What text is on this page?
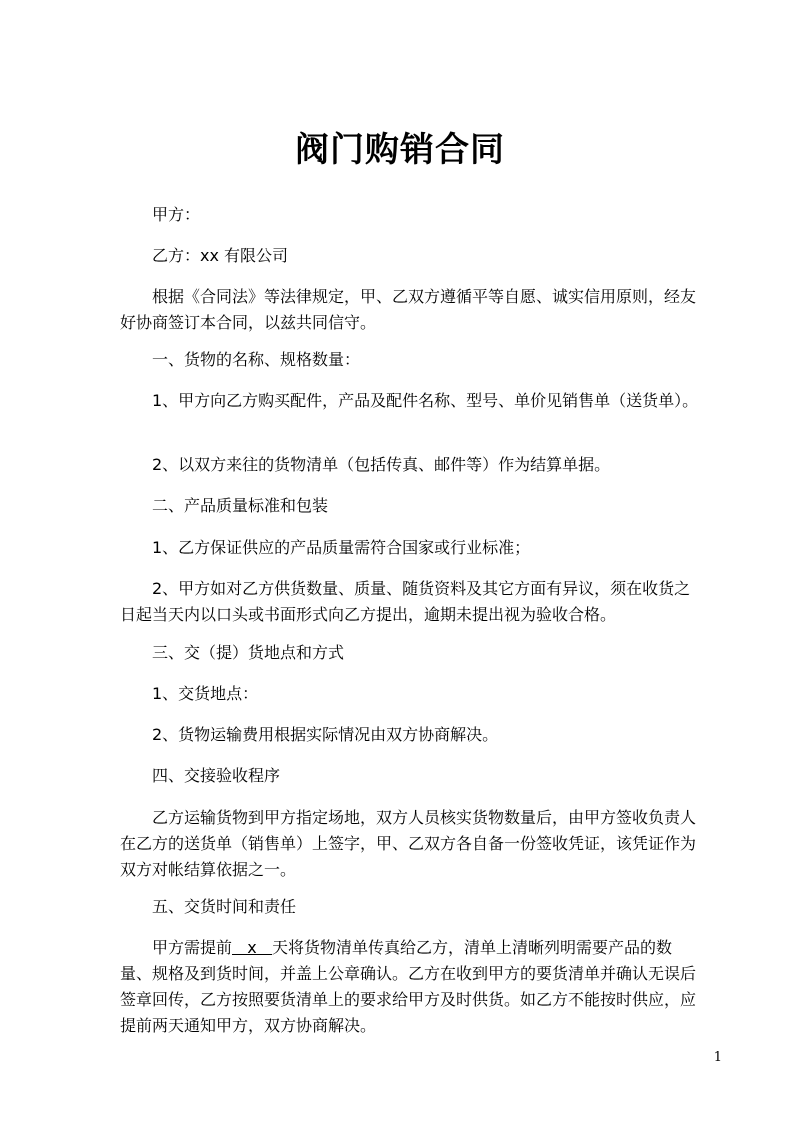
阀门购销合同
甲方：
乙方：xx 有限公司
根据《合同法》等法律规定，甲、乙双方遵循平等自愿、诚实信用原则，经友好协商签订本合同，以兹共同信守。
一、货物的名称、规格数量：
1、甲方向乙方购买配件，产品及配件名称、型号、单价见销售单（送货单）。
2、以双方来往的货物清单（包括传真、邮件等）作为结算单据。
二、产品质量标准和包装
1、乙方保证供应的产品质量需符合国家或行业标准；
2、甲方如对乙方供货数量、质量、随货资料及其它方面有异议，须在收货之日起当天内以口头或书面形式向乙方提出，逾期未提出视为验收合格。
三、交（提）货地点和方式
1、交货地点：
2、货物运输费用根据实际情况由双方协商解决。
四、交接验收程序
乙方运输货物到甲方指定场地，双方人员核实货物数量后，由甲方签收负责人在乙方的送货单（销售单）上签字，甲、乙双方各自备一份签收凭证，该凭证作为双方对帐结算依据之一。
五、交货时间和责任
甲方需提前   x   天将货物清单传真给乙方，清单上清晰列明需要产品的数量、规格及到货时间，并盖上公章确认。乙方在收到甲方的要货清单并确认无误后签章回传，乙方按照要货清单上的要求给甲方及时供货。如乙方不能按时供应，应提前两天通知甲方，双方协商解决。
1
